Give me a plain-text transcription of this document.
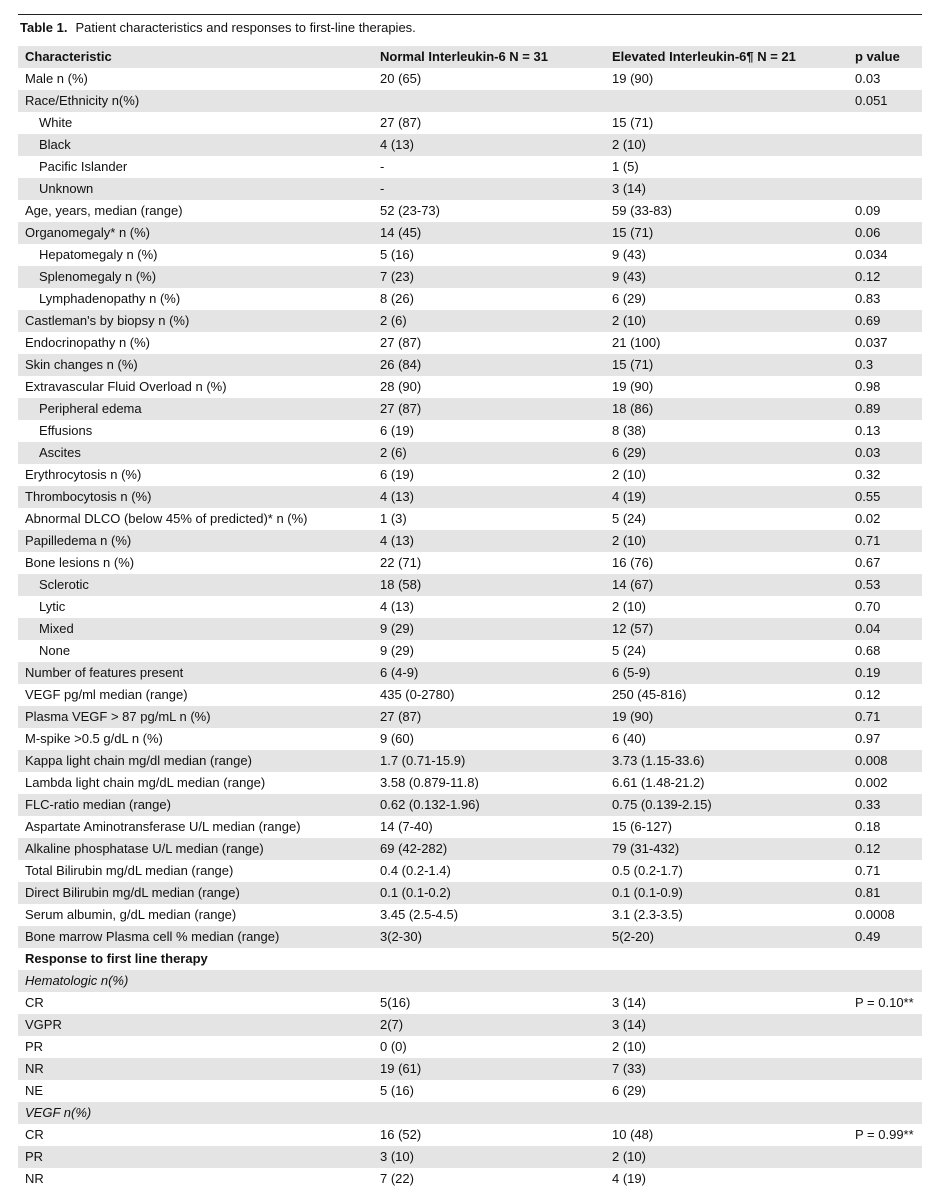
Table 1. Patient characteristics and responses to first-line therapies.
Characteristic	Normal Interleukin-6 N = 31	Elevated Interleukin-6¶ N = 21	p value
Male n (%)	20 (65)	19 (90)	0.03
Race/Ethnicity n(%)			0.051
White	27 (87)	15 (71)	
Black	4 (13)	2 (10)	
Pacific Islander	-	1 (5)	
Unknown	-	3 (14)	
Age, years, median (range)	52 (23-73)	59 (33-83)	0.09
Organomegaly* n (%)	14 (45)	15 (71)	0.06
Hepatomegaly n (%)	5 (16)	9 (43)	0.034
Splenomegaly n (%)	7 (23)	9 (43)	0.12
Lymphadenopathy n (%)	8 (26)	6 (29)	0.83
Castleman's by biopsy n (%)	2 (6)	2 (10)	0.69
Endocrinopathy n (%)	27 (87)	21 (100)	0.037
Skin changes n (%)	26 (84)	15 (71)	0.3
Extravascular Fluid Overload n (%)	28 (90)	19 (90)	0.98
Peripheral edema	27 (87)	18 (86)	0.89
Effusions	6 (19)	8 (38)	0.13
Ascites	2 (6)	6 (29)	0.03
Erythrocytosis n (%)	6 (19)	2 (10)	0.32
Thrombocytosis n (%)	4 (13)	4 (19)	0.55
Abnormal DLCO (below 45% of predicted)* n (%)	1 (3)	5 (24)	0.02
Papilledema n (%)	4 (13)	2 (10)	0.71
Bone lesions n (%)	22 (71)	16 (76)	0.67
Sclerotic	18 (58)	14 (67)	0.53
Lytic	4 (13)	2 (10)	0.70
Mixed	9 (29)	12 (57)	0.04
None	9 (29)	5 (24)	0.68
Number of features present	6 (4-9)	6 (5-9)	0.19
VEGF pg/ml median (range)	435 (0-2780)	250 (45-816)	0.12
Plasma VEGF > 87 pg/mL n (%)	27 (87)	19 (90)	0.71
M-spike >0.5 g/dL n (%)	9 (60)	6 (40)	0.97
Kappa light chain mg/dl median (range)	1.7 (0.71-15.9)	3.73 (1.15-33.6)	0.008
Lambda light chain mg/dL median (range)	3.58 (0.879-11.8)	6.61 (1.48-21.2)	0.002
FLC-ratio median (range)	0.62 (0.132-1.96)	0.75 (0.139-2.15)	0.33
Aspartate Aminotransferase U/L median (range)	14 (7-40)	15 (6-127)	0.18
Alkaline phosphatase U/L median (range)	69 (42-282)	79 (31-432)	0.12
Total Bilirubin mg/dL median (range)	0.4 (0.2-1.4)	0.5 (0.2-1.7)	0.71
Direct Bilirubin mg/dL median (range)	0.1 (0.1-0.2)	0.1 (0.1-0.9)	0.81
Serum albumin, g/dL median (range)	3.45 (2.5-4.5)	3.1 (2.3-3.5)	0.0008
Bone marrow Plasma cell % median (range)	3(2-30)	5(2-20)	0.49
Response to first line therapy			
Hematologic n(%)			
CR	5(16)	3 (14)	P = 0.10**
VGPR	2(7)	3 (14)	
PR	0 (0)	2 (10)	
NR	19 (61)	7 (33)	
NE	5 (16)	6 (29)	
VEGF n(%)			
CR	16 (52)	10 (48)	P = 0.99**
PR	3 (10)	2 (10)	
NR	7 (22)	4 (19)	
